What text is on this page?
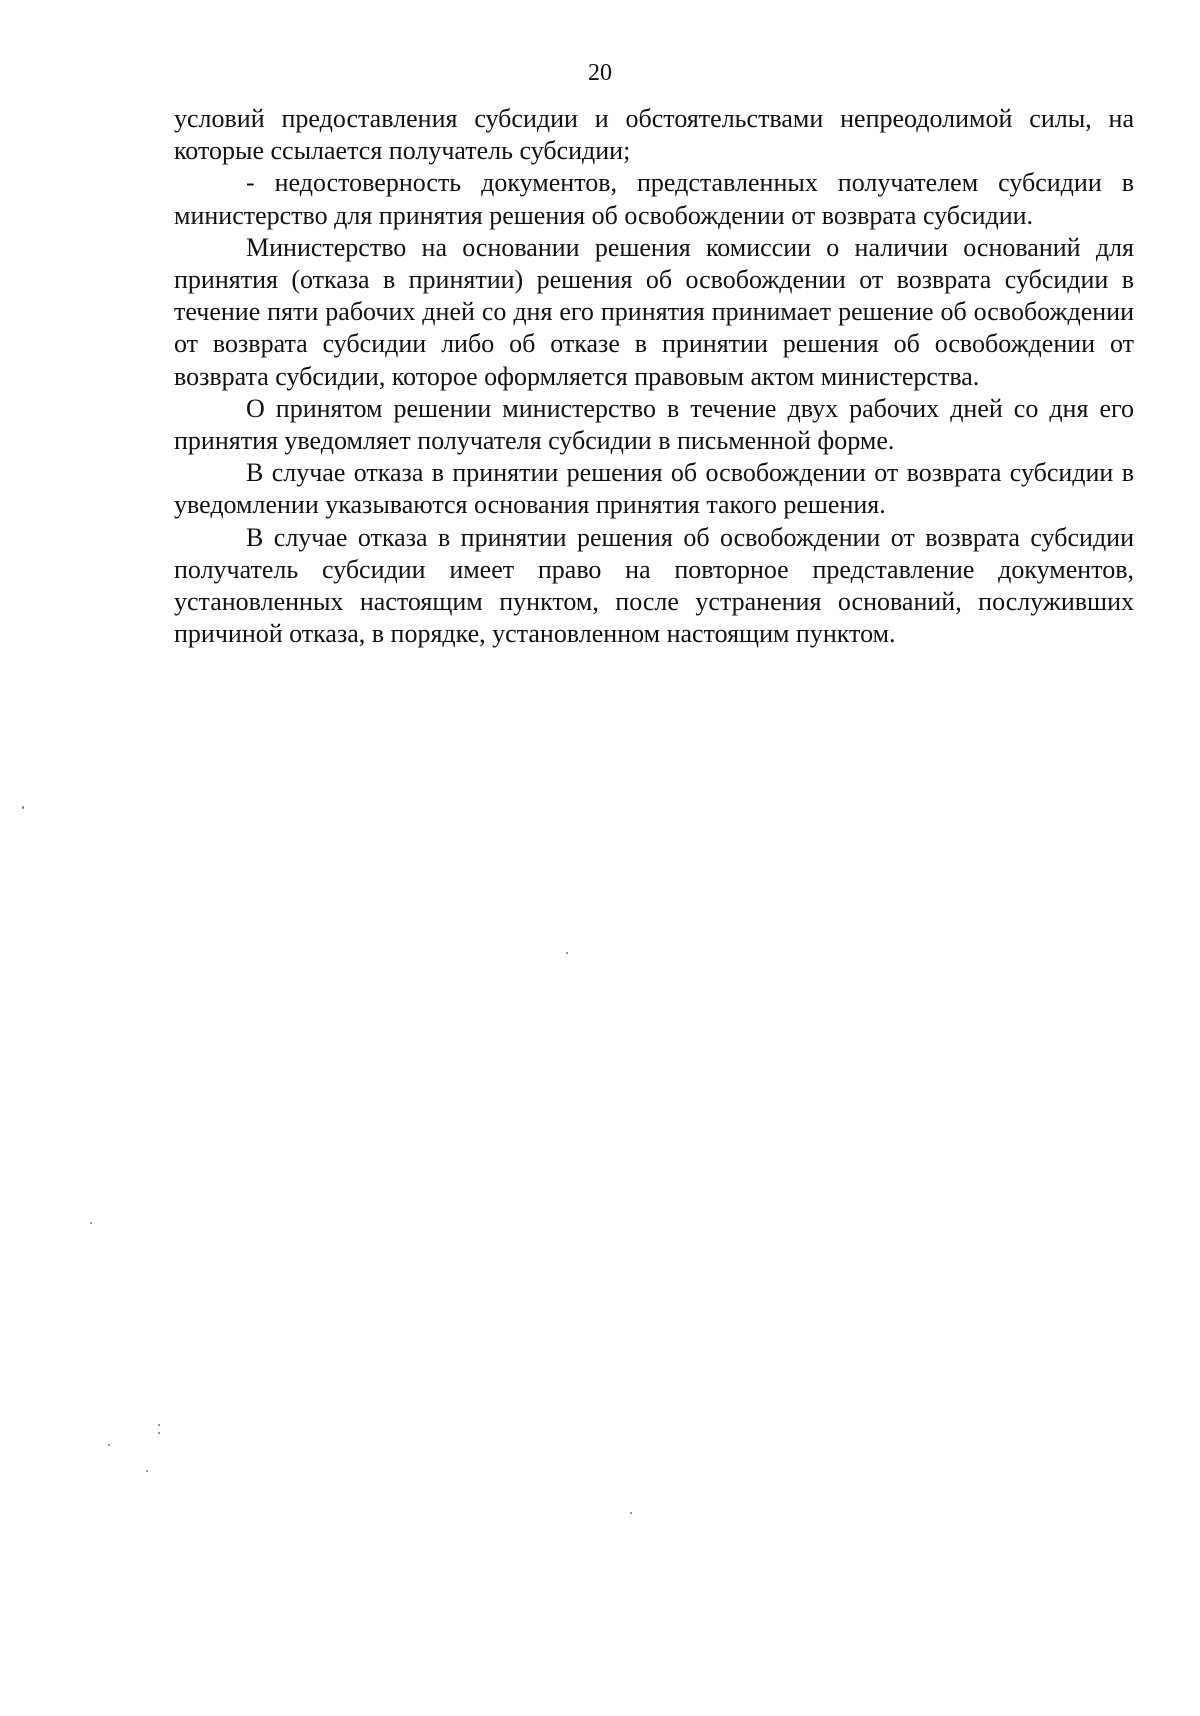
20

условий предоставления субсидии и обстоятельствами непреодолимой силы, на которые ссылается получатель субсидии;

- недостоверность документов, представленных получателем субсидии в министерство для принятия решения об освобождении от возврата субсидии.

Министерство на основании решения комиссии о наличии оснований для принятия (отказа в принятии) решения об освобождении от возврата субсидии в течение пяти рабочих дней со дня его принятия принимает решение об освобождении от возврата субсидии либо об отказе в принятии решения об освобождении от возврата субсидии, которое оформляется правовым актом министерства.

О принятом решении министерство в течение двух рабочих дней со дня его принятия уведомляет получателя субсидии в письменной форме.

В случае отказа в принятии решения об освобождении от возврата субсидии в уведомлении указываются основания принятия такого решения.

В случае отказа в принятии решения об освобождении от возврата субсидии получатель субсидии имеет право на повторное представление документов, установленных настоящим пунктом, после устранения оснований, послуживших причиной отказа, в порядке, установленном настоящим пунктом.
